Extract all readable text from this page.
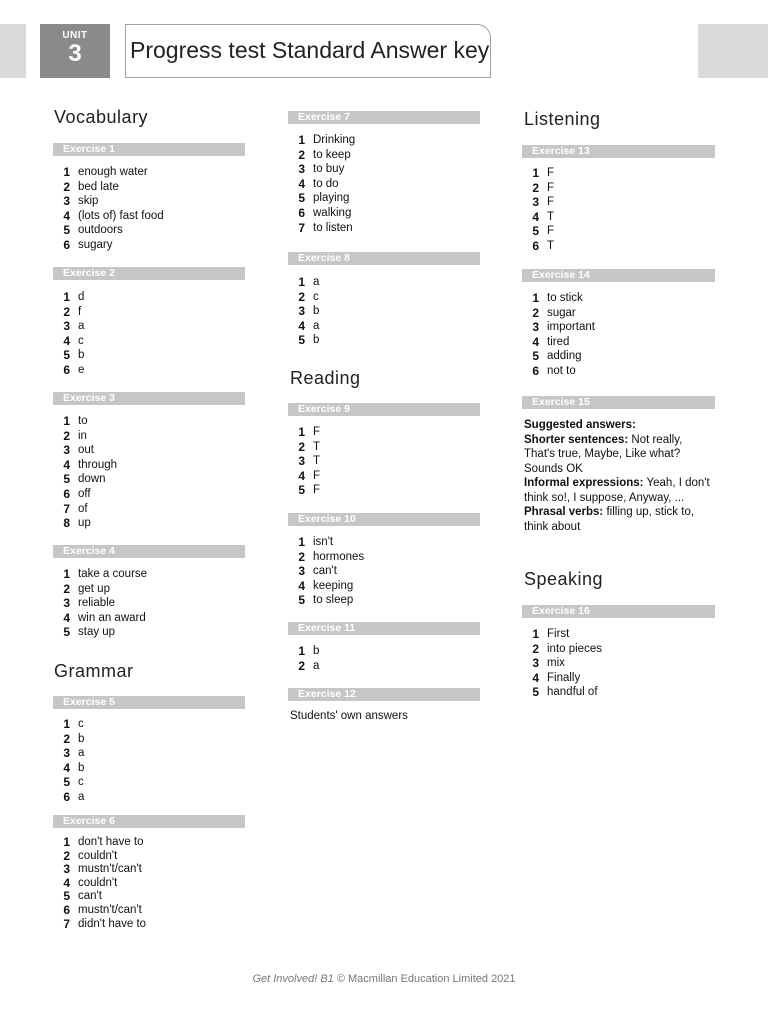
UNIT
3	Progress test Standard Answer key
Vocabulary
Exercise 1
1 enough water
2 bed late
3 skip
4 (lots of) fast food
5 outdoors
6 sugary
Exercise 2
1 d
2 f
3 a
4 c
5 b
6 e
Exercise 3
1 to
2 in
3 out
4 through
5 down
6 off
7 of
8 up
Exercise 4
1 take a course
2 get up
3 reliable
4 win an award
5 stay up
Grammar
Exercise 5
1 c
2 b
3 a
4 b
5 c
6 a
Exercise 6
1 don't have to
2 couldn't
3 mustn't/can't
4 couldn't
5 can't
6 mustn't/can't
7 didn't have to
Exercise 7
1 Drinking
2 to keep
3 to buy
4 to do
5 playing
6 walking
7 to listen
Exercise 8
1 a
2 c
3 b
4 a
5 b
Reading
Exercise 9
1 F
2 T
3 T
4 F
5 F
Exercise 10
1 isn't
2 hormones
3 can't
4 keeping
5 to sleep
Exercise 11
1 b
2 a
Exercise 12
Students' own answers
Listening
Exercise 13
1 F
2 F
3 F
4 T
5 F
6 T
Exercise 14
1 to stick
2 sugar
3 important
4 tired
5 adding
6 not to
Exercise 15
Suggested answers:
Shorter sentences: Not really, That's true, Maybe, Like what? Sounds OK
Informal expressions: Yeah, I don't think so!, I suppose, Anyway, ...
Phrasal verbs: filling up, stick to, think about
Speaking
Exercise 16
1 First
2 into pieces
3 mix
4 Finally
5 handful of
Get Involved! B1 © Macmillan Education Limited 2021
